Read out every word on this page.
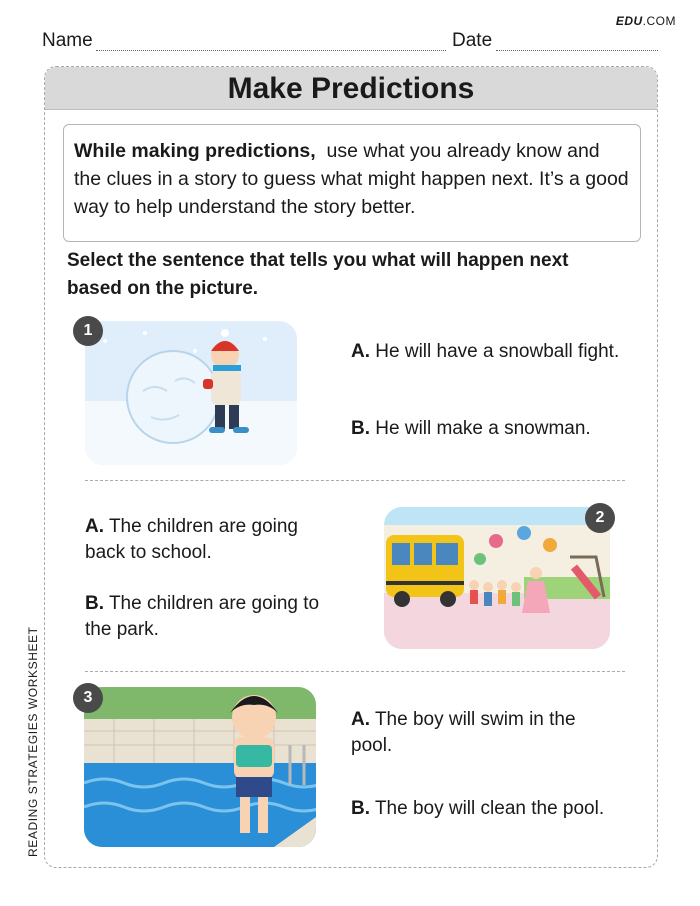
EDU.COM
Name	Date
Make Predictions
While making predictions, use what you already know and the clues in a story to guess what might happen next. It’s a good way to help understand the story better.
Select the sentence that tells you what will happen next based on the picture.
1
A. He will have a snowball fight.
B. He will make a snowman.
A. The children are going back to school.
B. The children are going to the park.
2
3
A. The boy will swim in the pool.
B. The boy will clean the pool.
READING STRATEGIES WORKSHEET
